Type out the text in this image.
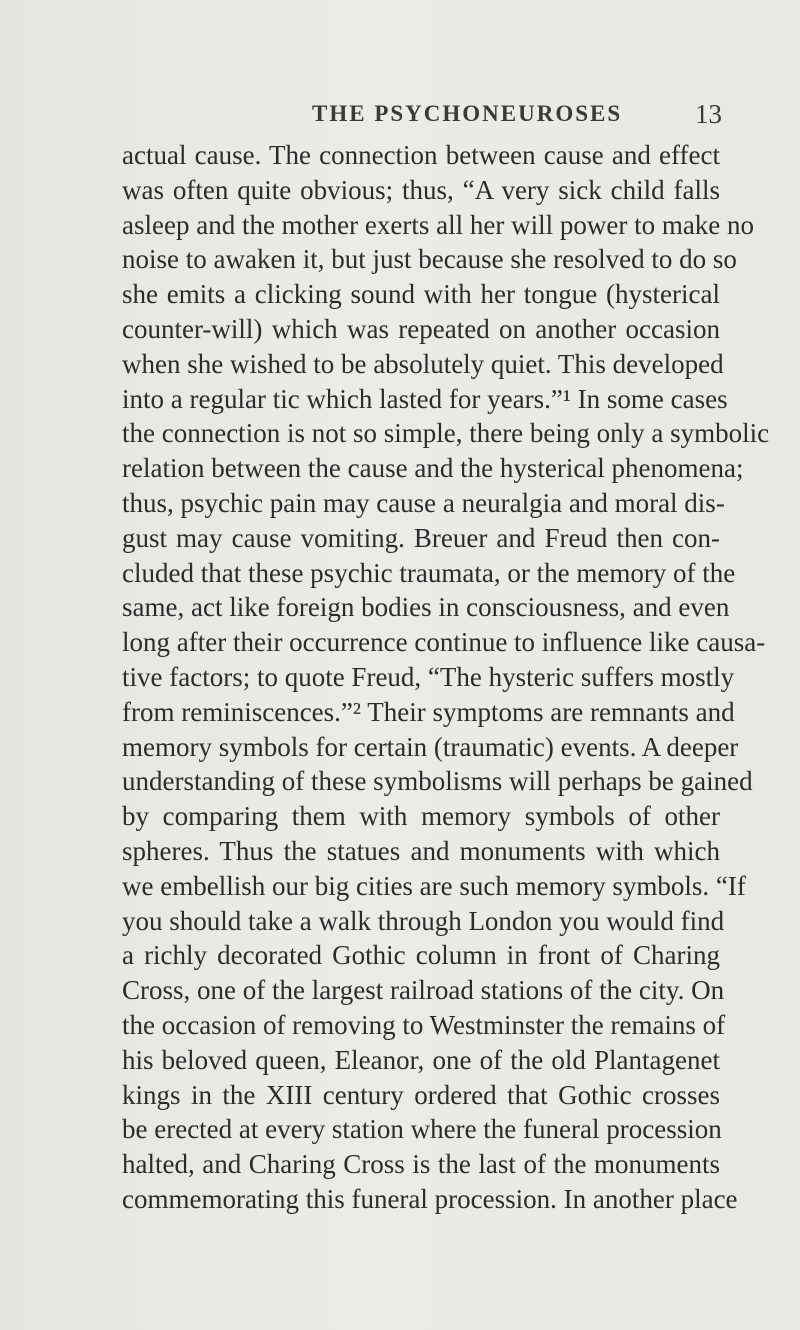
THE PSYCHONEUROSES	13
actual cause. The connection between cause and effect
was often quite obvious; thus, “A very sick child falls
asleep and the mother exerts all her will power to make no
noise to awaken it, but just because she resolved to do so
she emits a clicking sound with her tongue (hysterical
counter-will) which was repeated on another occasion
when she wished to be absolutely quiet. This developed
into a regular tic which lasted for years.”¹ In some cases
the connection is not so simple, there being only a symbolic
relation between the cause and the hysterical phenomena;
thus, psychic pain may cause a neuralgia and moral dis-
gust may cause vomiting. Breuer and Freud then con-
cluded that these psychic traumata, or the memory of the
same, act like foreign bodies in consciousness, and even
long after their occurrence continue to influence like causa-
tive factors; to quote Freud, “The hysteric suffers mostly
from reminiscences.”² Their symptoms are remnants and
memory symbols for certain (traumatic) events. A deeper
understanding of these symbolisms will perhaps be gained
by comparing them with memory symbols of other
spheres. Thus the statues and monuments with which
we embellish our big cities are such memory symbols. “If
you should take a walk through London you would find
a richly decorated Gothic column in front of Charing
Cross, one of the largest railroad stations of the city. On
the occasion of removing to Westminster the remains of
his beloved queen, Eleanor, one of the old Plantagenet
kings in the XIII century ordered that Gothic crosses
be erected at every station where the funeral procession
halted, and Charing Cross is the last of the monuments
commemorating this funeral procession. In another place
